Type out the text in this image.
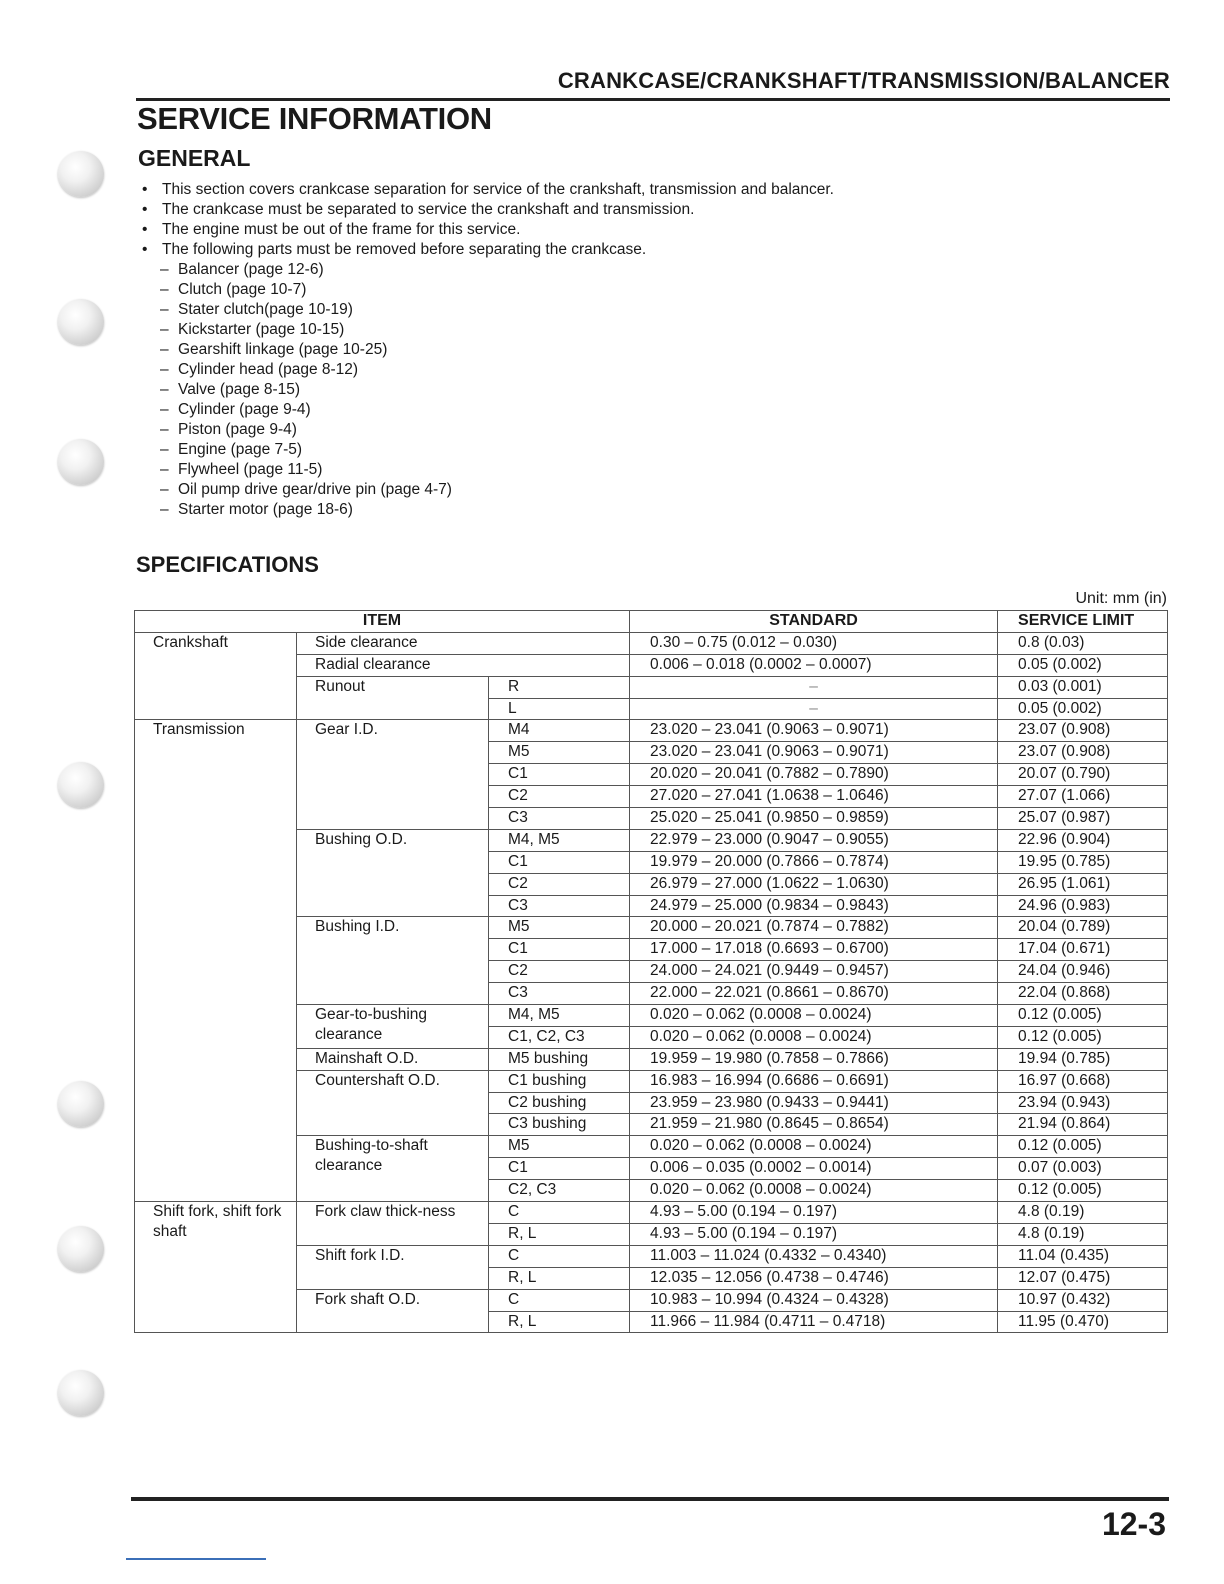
CRANKCASE/CRANKSHAFT/TRANSMISSION/BALANCER
SERVICE INFORMATION
GENERAL
• This section covers crankcase separation for service of the crankshaft, transmission and balancer.
• The crankcase must be separated to service the crankshaft and transmission.
• The engine must be out of the frame for this service.
• The following parts must be removed before separating the crankcase.
– Balancer (page 12-6)
– Clutch (page 10-7)
– Stater clutch(page 10-19)
– Kickstarter (page 10-15)
– Gearshift linkage (page 10-25)
– Cylinder head (page 8-12)
– Valve (page 8-15)
– Cylinder (page 9-4)
– Piston (page 9-4)
– Engine (page 7-5)
– Flywheel (page 11-5)
– Oil pump drive gear/drive pin (page 4-7)
– Starter motor (page 18-6)
SPECIFICATIONS
Unit: mm (in)
ITEM			STANDARD	SERVICE LIMIT
Crankshaft	Side clearance		0.30 – 0.75 (0.012 – 0.030)	0.8 (0.03)
	Radial clearance		0.006 – 0.018 (0.0002 – 0.0007)	0.05 (0.002)
	Runout	R	–	0.03 (0.001)
		L	–	0.05 (0.002)
Transmission	Gear I.D.	M4	23.020 – 23.041 (0.9063 – 0.9071)	23.07 (0.908)
		M5	23.020 – 23.041 (0.9063 – 0.9071)	23.07 (0.908)
		C1	20.020 – 20.041 (0.7882 – 0.7890)	20.07 (0.790)
		C2	27.020 – 27.041 (1.0638 – 1.0646)	27.07 (1.066)
		C3	25.020 – 25.041 (0.9850 – 0.9859)	25.07 (0.987)
	Bushing O.D.	M4, M5	22.979 – 23.000 (0.9047 – 0.9055)	22.96 (0.904)
		C1	19.979 – 20.000 (0.7866 – 0.7874)	19.95 (0.785)
		C2	26.979 – 27.000 (1.0622 – 1.0630)	26.95 (1.061)
		C3	24.979 – 25.000 (0.9834 – 0.9843)	24.96 (0.983)
	Bushing I.D.	M5	20.000 – 20.021 (0.7874 – 0.7882)	20.04 (0.789)
		C1	17.000 – 17.018 (0.6693 – 0.6700)	17.04 (0.671)
		C2	24.000 – 24.021 (0.9449 – 0.9457)	24.04 (0.946)
		C3	22.000 – 22.021 (0.8661 – 0.8670)	22.04 (0.868)
	Gear-to-bushing clearance	M4, M5	0.020 – 0.062 (0.0008 – 0.0024)	0.12 (0.005)
		C1, C2, C3	0.020 – 0.062 (0.0008 – 0.0024)	0.12 (0.005)
	Mainshaft O.D.	M5 bushing	19.959 – 19.980 (0.7858 – 0.7866)	19.94 (0.785)
	Countershaft O.D.	C1 bushing	16.983 – 16.994 (0.6686 – 0.6691)	16.97 (0.668)
		C2 bushing	23.959 – 23.980 (0.9433 – 0.9441)	23.94 (0.943)
		C3 bushing	21.959 – 21.980 (0.8645 – 0.8654)	21.94 (0.864)
	Bushing-to-shaft clearance	M5	0.020 – 0.062 (0.0008 – 0.0024)	0.12 (0.005)
		C1	0.006 – 0.035 (0.0002 – 0.0014)	0.07 (0.003)
		C2, C3	0.020 – 0.062 (0.0008 – 0.0024)	0.12 (0.005)
Shift fork, shift fork shaft	Fork claw thick-ness	C	4.93 – 5.00 (0.194 – 0.197)	4.8 (0.19)
		R, L	4.93 – 5.00 (0.194 – 0.197)	4.8 (0.19)
	Shift fork I.D.	C	11.003 – 11.024 (0.4332 – 0.4340)	11.04 (0.435)
		R, L	12.035 – 12.056 (0.4738 – 0.4746)	12.07 (0.475)
	Fork shaft O.D.	C	10.983 – 10.994 (0.4324 – 0.4328)	10.97 (0.432)
		R, L	11.966 – 11.984 (0.4711 – 0.4718)	11.95 (0.470)
12-3
